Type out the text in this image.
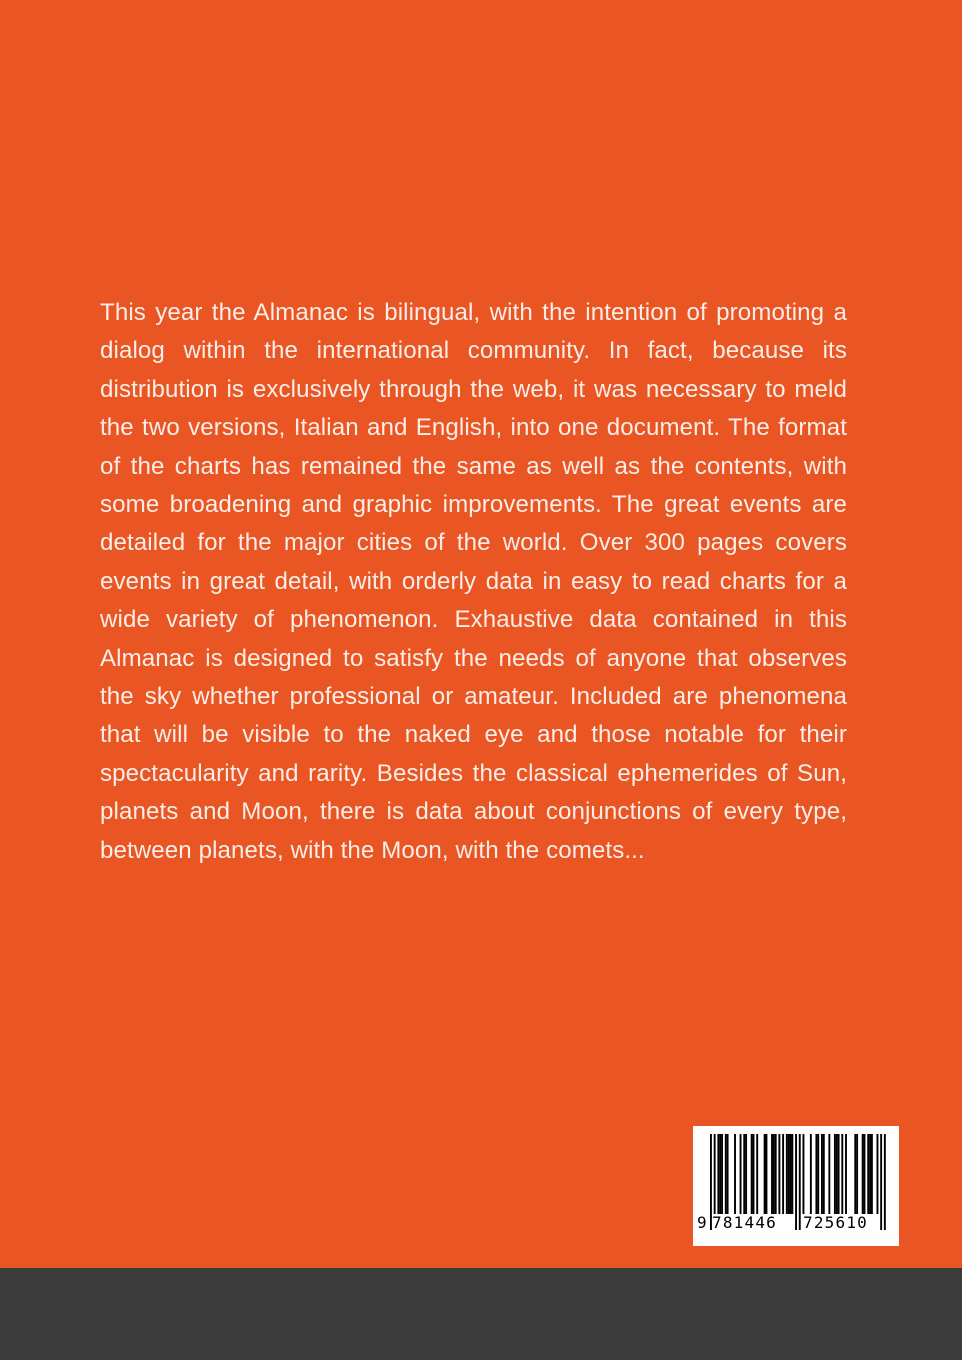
This year the Almanac is bilingual, with the intention of promoting a dialog within the international community. In fact, because its distribution is exclusively through the web, it was necessary to meld the two versions, Italian and English, into one document. The format of the charts has remained the same as well as the contents, with some broadening and graphic improvements. The great events are detailed for the major cities of the world. Over 300 pages covers events in great detail, with orderly data in easy to read charts for a wide variety of phenomenon. Exhaustive data contained in this Almanac is designed to satisfy the needs of anyone that observes the sky whether professional or amateur. Included are phenomena that will be visible to the naked eye and those notable for their spectacularity and rarity. Besides the classical ephemerides of Sun, planets and Moon, there is data about conjunctions of every type, between planets, with the Moon, with the comets...

9 781446 725610
